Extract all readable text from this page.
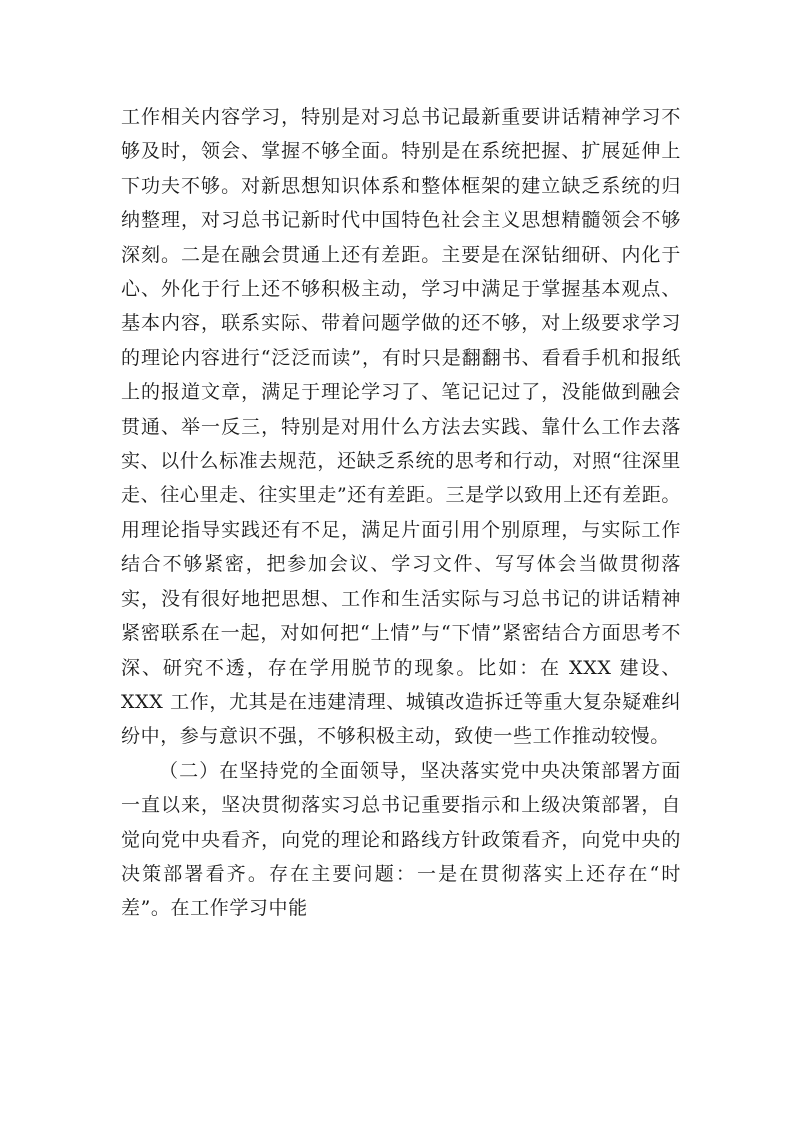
工作相关内容学习，特别是对习总书记最新重要讲话精神学习不够及时，领会、掌握不够全面。特别是在系统把握、扩展延伸上下功夫不够。对新思想知识体系和整体框架的建立缺乏系统的归纳整理，对习总书记新时代中国特色社会主义思想精髓领会不够深刻。二是在融会贯通上还有差距。主要是在深钻细研、内化于心、外化于行上还不够积极主动，学习中满足于掌握基本观点、基本内容，联系实际、带着问题学做的还不够，对上级要求学习的理论内容进行“泛泛而读”，有时只是翻翻书、看看手机和报纸上的报道文章，满足于理论学习了、笔记记过了，没能做到融会贯通、举一反三，特别是对用什么方法去实践、靠什么工作去落实、以什么标准去规范，还缺乏系统的思考和行动，对照“往深里走、往心里走、往实里走”还有差距。三是学以致用上还有差距。用理论指导实践还有不足，满足片面引用个别原理，与实际工作结合不够紧密，把参加会议、学习文件、写写体会当做贯彻落实，没有很好地把思想、工作和生活实际与习总书记的讲话精神紧密联系在一起，对如何把“上情”与“下情”紧密结合方面思考不深、研究不透，存在学用脱节的现象。比如：在 XXX 建设、XXX 工作，尤其是在违建清理、城镇改造拆迁等重大复杂疑难纠纷中，参与意识不强，不够积极主动，致使一些工作推动较慢。

（二）在坚持党的全面领导，坚决落实党中央决策部署方面 一直以来，坚决贯彻落实习总书记重要指示和上级决策部署，自觉向党中央看齐，向党的理论和路线方针政策看齐，向党中央的决策部署看齐。存在主要问题：一是在贯彻落实上还存在“时差”。在工作学习中能
